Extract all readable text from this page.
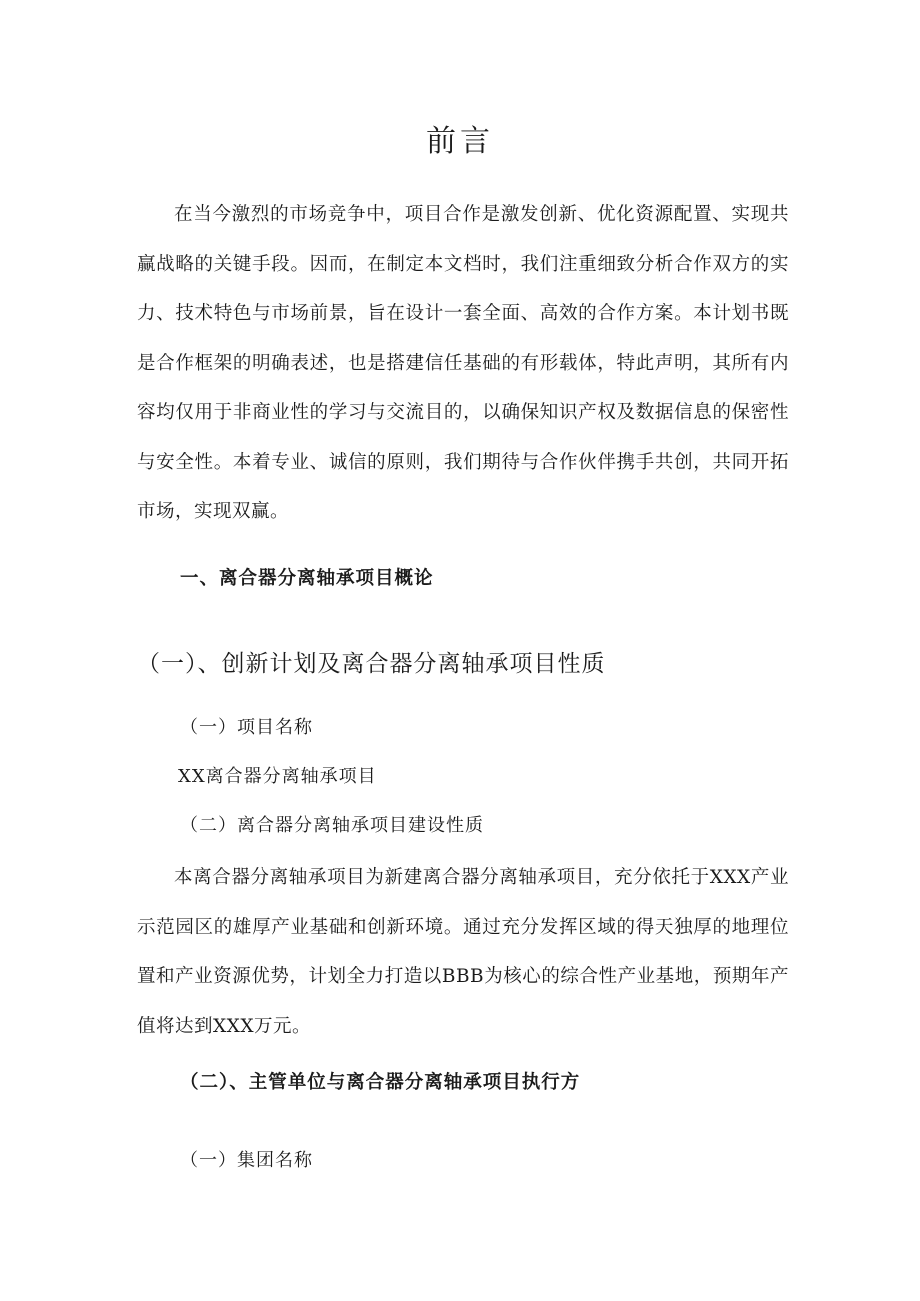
前言

在当今激烈的市场竞争中，项目合作是激发创新、优化资源配置、实现共赢战略的关键手段。因而，在制定本文档时，我们注重细致分析合作双方的实力、技术特色与市场前景，旨在设计一套全面、高效的合作方案。本计划书既是合作框架的明确表述，也是搭建信任基础的有形载体，特此声明，其所有内容均仅用于非商业性的学习与交流目的，以确保知识产权及数据信息的保密性与安全性。本着专业、诚信的原则，我们期待与合作伙伴携手共创，共同开拓市场，实现双赢。

一、离合器分离轴承项目概论
（一）、创新计划及离合器分离轴承项目性质
（一）项目名称
XX离合器分离轴承项目
（二）离合器分离轴承项目建设性质

本离合器分离轴承项目为新建离合器分离轴承项目，充分依托于XXX产业示范园区的雄厚产业基础和创新环境。通过充分发挥区域的得天独厚的地理位置和产业资源优势，计划全力打造以BBB为核心的综合性产业基地，预期年产值将达到XXX万元。

（二）、主管单位与离合器分离轴承项目执行方
（一）集团名称
